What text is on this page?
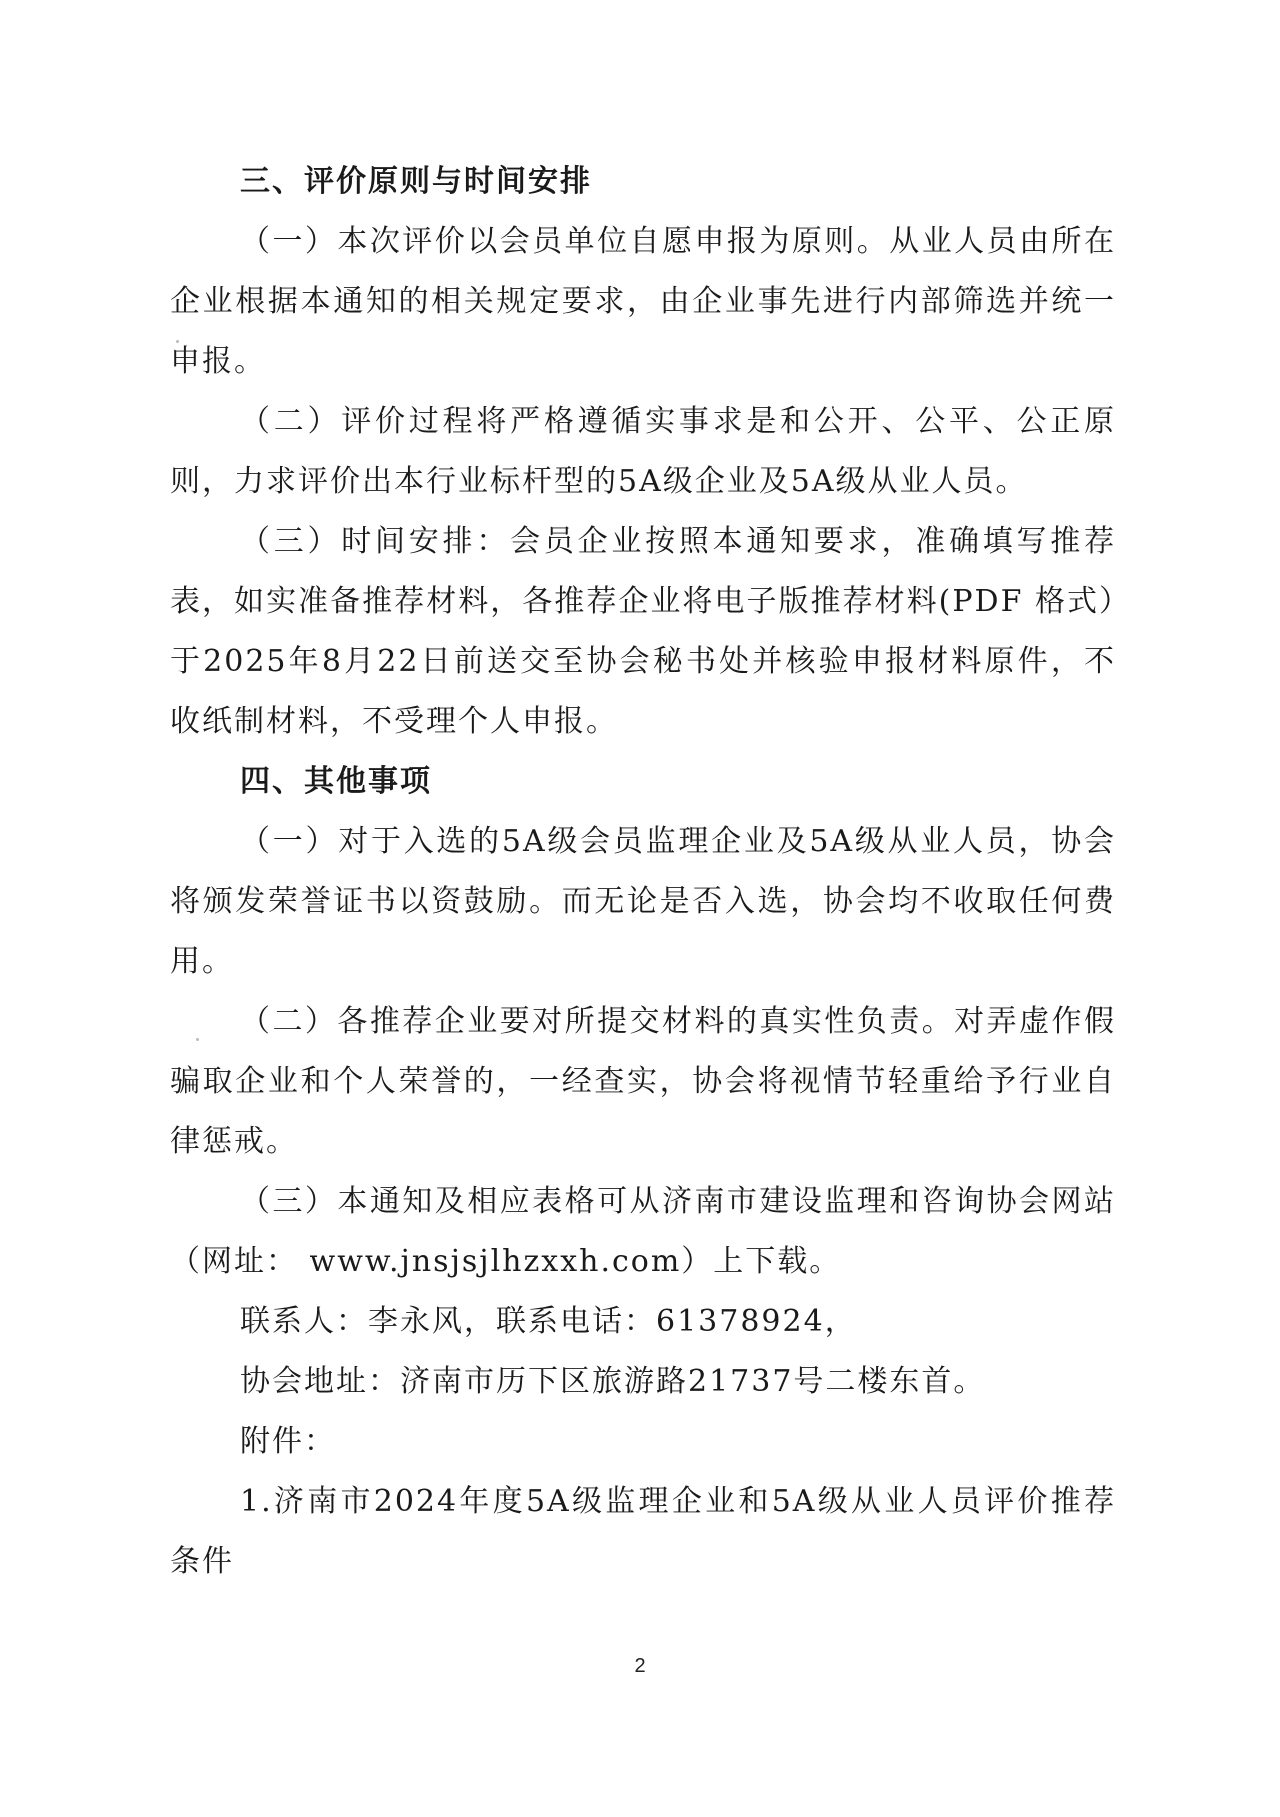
三、评价原则与时间安排

（一）本次评价以会员单位自愿申报为原则。从业人员由所在企业根据本通知的相关规定要求，由企业事先进行内部筛选并统一申报。

（二）评价过程将严格遵循实事求是和公开、公平、公正原则，力求评价出本行业标杆型的5A级企业及5A级从业人员。

（三）时间安排：会员企业按照本通知要求，准确填写推荐表，如实准备推荐材料，各推荐企业将电子版推荐材料(PDF 格式）于2025年8月22日前送交至协会秘书处并核验申报材料原件，不收纸制材料，不受理个人申报。

四、其他事项

（一）对于入选的5A级会员监理企业及5A级从业人员，协会将颁发荣誉证书以资鼓励。而无论是否入选，协会均不收取任何费用。

（二）各推荐企业要对所提交材料的真实性负责。对弄虚作假骗取企业和个人荣誉的，一经查实，协会将视情节轻重给予行业自律惩戒。

（三）本通知及相应表格可从济南市建设监理和咨询协会网站（网址： www.jnsjsjlhzxxh.com）上下载。

联系人：李永风，联系电话：61378924，

协会地址：济南市历下区旅游路21737号二楼东首。

附件：

1.济南市2024年度5A级监理企业和5A级从业人员评价推荐条件

2
